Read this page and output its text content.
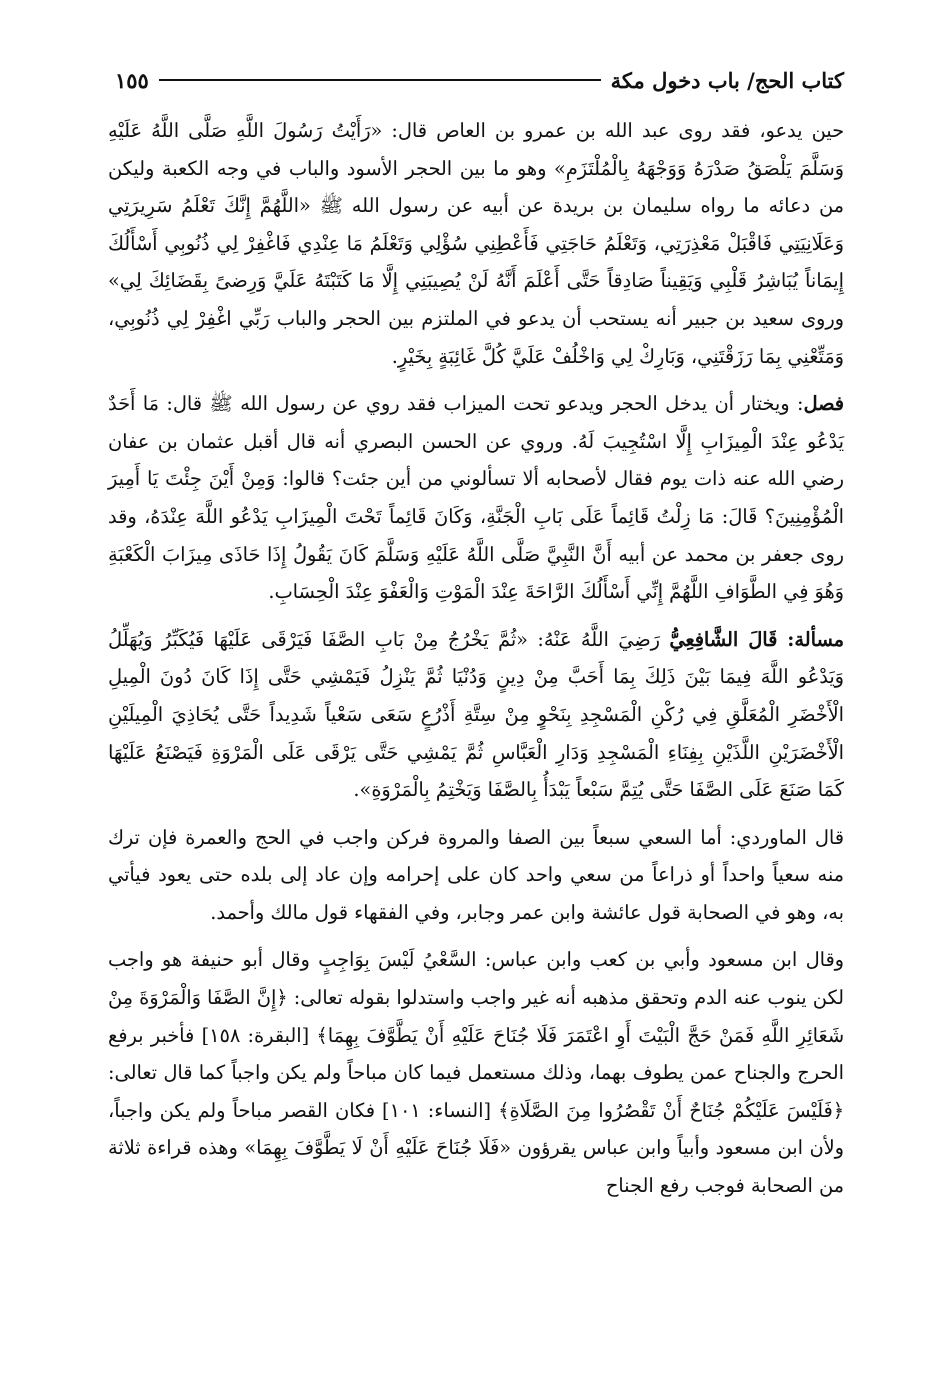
كتاب الحج/ باب دخول مكة
١٥٥

حين يدعو، فقد روى عبد الله بن عمرو بن العاص قال: «رَأَيْتُ رَسُولَ اللَّهِ صَلَّى اللَّهُ عَلَيْهِ وَسَلَّمَ يَلْصَقُ صَدْرَهُ وَوَجْهَهُ بِالْمُلْتَزَمِ» وهو ما بين الحجر الأسود والباب في وجه الكعبة وليكن من دعائه ما رواه سليمان بن بريدة عن أبيه عن رسول الله ﷺ «اللَّهُمَّ إِنَّكَ تَعْلَمُ سَرِيرَتِي وَعَلَانِيَتِي فَاقْبَلْ مَعْذِرَتِي، وَتَعْلَمُ حَاجَتِي فَأَعْطِنِي سُؤْلِي وَتَعْلَمُ مَا عِنْدِي فَاغْفِرْ لِي ذُنُوبِي أَسْأَلُكَ إِيمَاناً يُبَاشِرُ قَلْبِي وَيَقِيناً صَادِقاً حَتَّى أَعْلَمَ أَنَّهُ لَنْ يُصِيبَنِي إِلَّا مَا كَتَبْتَهُ عَلَيَّ وَرِضىً بِقَضَائِكَ لِي» وروى سعيد بن جبير أنه يستحب أن يدعو في الملتزم بين الحجر والباب رَبِّي اغْفِرْ لِي ذُنُوبِي، وَمَتِّعْنِي بِمَا رَزَقْتَنِي، وَبَارِكْ لِي وَاخْلُفْ عَلَيَّ كُلَّ غَائِبَةٍ بِخَيْرٍ.

فصل: ويختار أن يدخل الحجر ويدعو تحت الميزاب فقد روي عن رسول الله ﷺ قال: مَا أَحَدٌ يَدْعُو عِنْدَ الْمِيزَابِ إِلَّا اسْتُجِيبَ لَهُ. وروي عن الحسن البصري أنه قال أقبل عثمان بن عفان رضي الله عنه ذات يوم فقال لأصحابه ألا تسألوني من أين جئت؟ قالوا: وَمِنْ أَيْنَ جِئْتَ يَا أَمِيرَ الْمُؤْمِنِينَ؟ قَالَ: مَا زِلْتُ قَائِماً عَلَى بَابِ الْجَنَّةِ، وَكَانَ قَائِماً تَحْتَ الْمِيزَابِ يَدْعُو اللَّهَ عِنْدَهُ، وقد روى جعفر بن محمد عن أبيه أَنَّ النَّبِيَّ صَلَّى اللَّهُ عَلَيْهِ وَسَلَّمَ كَانَ يَقُولُ إِذَا حَاذَى مِيزَابَ الْكَعْبَةِ وَهُوَ فِي الطَّوَافِ اللَّهُمَّ إِنِّي أَسْأَلُكَ الرَّاحَةَ عِنْدَ الْمَوْتِ وَالْعَفْوَ عِنْدَ الْحِسَابِ.

مسألة: قَالَ الشَّافِعِيُّ رَضِيَ اللَّهُ عَنْهُ: «ثُمَّ يَخْرُجُ مِنْ بَابِ الصَّفَا فَيَرْقَى عَلَيْهَا فَيُكَبِّرُ وَيُهَلِّلُ وَيَدْعُو اللَّهَ فِيمَا بَيْنَ ذَلِكَ بِمَا أَحَبَّ مِنْ دِينٍ وَدُنْيَا ثُمَّ يَنْزِلُ فَيَمْشِي حَتَّى إِذَا كَانَ دُونَ الْمِيلِ الْأَخْضَرِ الْمُعَلَّقِ فِي رُكْنِ الْمَسْجِدِ بِنَحْوٍ مِنْ سِتَّةِ أَذْرُعٍ سَعَى سَعْياً شَدِيداً حَتَّى يُحَاذِيَ الْمِيلَيْنِ الْأَخْضَرَيْنِ اللَّذَيْنِ بِفِنَاءِ الْمَسْجِدِ وَدَارِ الْعَبَّاسِ ثُمَّ يَمْشِي حَتَّى يَرْقَى عَلَى الْمَرْوَةِ فَيَصْنَعُ عَلَيْهَا كَمَا صَنَعَ عَلَى الصَّفَا حَتَّى يُتِمَّ سَبْعاً يَبْدَأُ بِالصَّفَا وَيَخْتِمُ بِالْمَرْوَةِ».

قال الماوردي: أما السعي سبعاً بين الصفا والمروة فركن واجب في الحج والعمرة فإن ترك منه سعياً واحداً أو ذراعاً من سعي واحد كان على إحرامه وإن عاد إلى بلده حتى يعود فيأتي به، وهو في الصحابة قول عائشة وابن عمر وجابر، وفي الفقهاء قول مالك وأحمد.

وقال ابن مسعود وأبي بن كعب وابن عباس: السَّعْيُ لَيْسَ بِوَاجِبٍ وقال أبو حنيفة هو واجب لكن ينوب عنه الدم وتحقق مذهبه أنه غير واجب واستدلوا بقوله تعالى: ﴿إِنَّ الصَّفَا وَالْمَرْوَةَ مِنْ شَعَائِرِ اللَّهِ فَمَنْ حَجَّ الْبَيْتَ أَوِ اعْتَمَرَ فَلَا جُنَاحَ عَلَيْهِ أَنْ يَطَّوَّفَ بِهِمَا﴾ [البقرة: ١٥٨] فأخبر برفع الحرج والجناح عمن يطوف بهما، وذلك مستعمل فيما كان مباحاً ولم يكن واجباً كما قال تعالى: ﴿فَلَيْسَ عَلَيْكُمْ جُنَاحٌ أَنْ تَقْصُرُوا مِنَ الصَّلَاةِ﴾ [النساء: ١٠١] فكان القصر مباحاً ولم يكن واجباً، ولأن ابن مسعود وأبياً وابن عباس يقرؤون «فَلَا جُنَاحَ عَلَيْهِ أَنْ لَا يَطَّوَّفَ بِهِمَا» وهذه قراءة ثلاثة من الصحابة فوجب رفع الجناح
